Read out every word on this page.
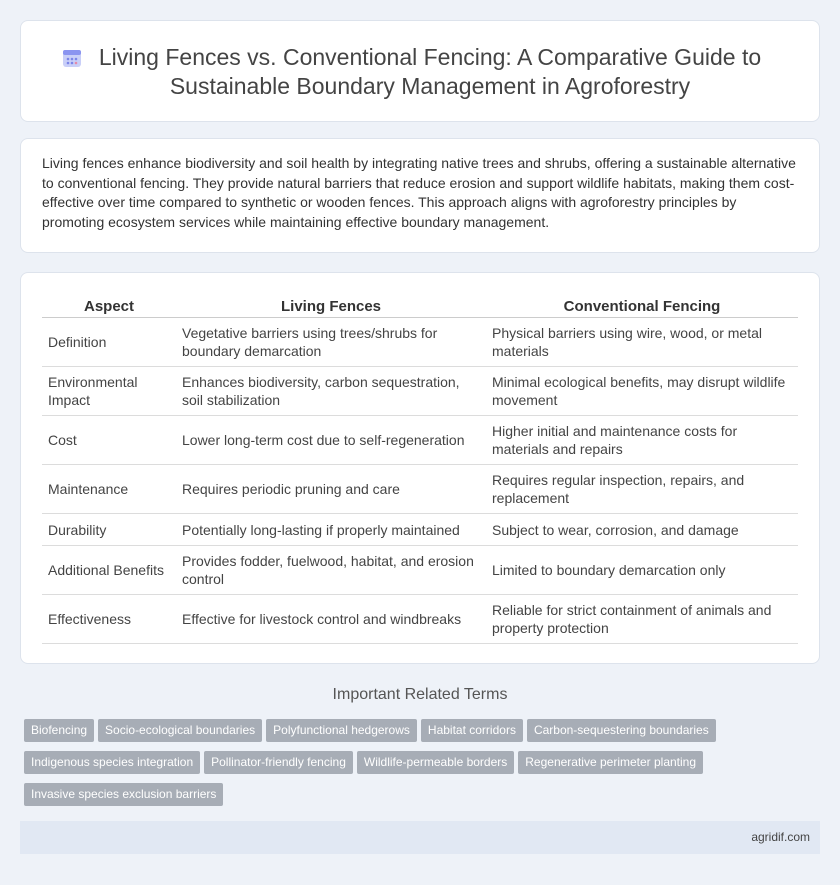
Living Fences vs. Conventional Fencing: A Comparative Guide to Sustainable Boundary Management in Agroforestry

Living fences enhance biodiversity and soil health by integrating native trees and shrubs, offering a sustainable alternative to conventional fencing. They provide natural barriers that reduce erosion and support wildlife habitats, making them cost-effective over time compared to synthetic or wooden fences. This approach aligns with agroforestry principles by promoting ecosystem services while maintaining effective boundary management.

Aspect	Living Fences	Conventional Fencing
Definition	Vegetative barriers using trees/shrubs for boundary demarcation	Physical barriers using wire, wood, or metal materials
Environmental Impact	Enhances biodiversity, carbon sequestration, soil stabilization	Minimal ecological benefits, may disrupt wildlife movement
Cost	Lower long-term cost due to self-regeneration	Higher initial and maintenance costs for materials and repairs
Maintenance	Requires periodic pruning and care	Requires regular inspection, repairs, and replacement
Durability	Potentially long-lasting if properly maintained	Subject to wear, corrosion, and damage
Additional Benefits	Provides fodder, fuelwood, habitat, and erosion control	Limited to boundary demarcation only
Effectiveness	Effective for livestock control and windbreaks	Reliable for strict containment of animals and property protection
Important Related Terms
Biofencing Socio-ecological boundaries Polyfunctional hedgerows Habitat corridors Carbon-sequestering boundaries
Indigenous species integration Pollinator-friendly fencing Wildlife-permeable borders Regenerative perimeter planting
Invasive species exclusion barriers
agridif.com
